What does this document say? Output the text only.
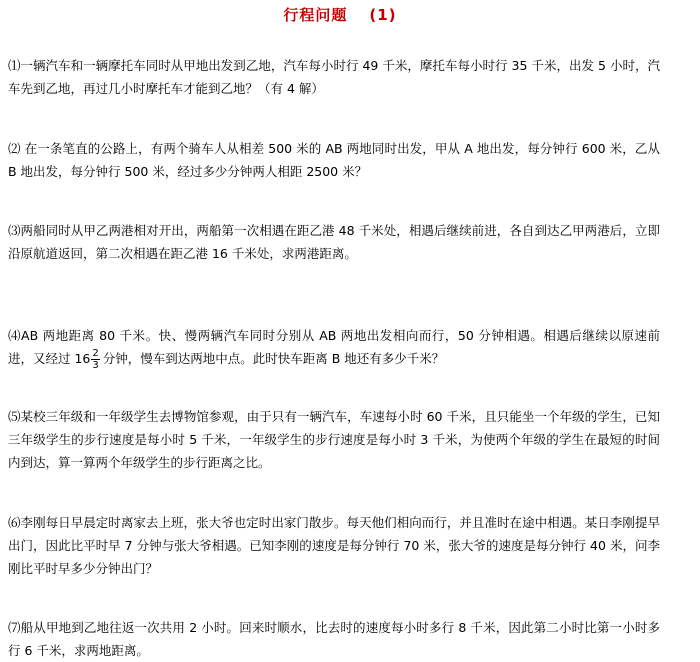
行程问题 (1)
⑴一辆汽车和一辆摩托车同时从甲地出发到乙地，汽车每小时行 49 千米，摩托车每小时行 35 千米，出发 5 小时，汽车先到乙地，再过几小时摩托车才能到乙地？（有 4 解）
⑵ 在一条笔直的公路上，有两个骑车人从相差 500 米的 AB 两地同时出发，甲从 A 地出发，每分钟行 600 米，乙从 B 地出发，每分钟行 500 米，经过多少分钟两人相距 2500 米？
⑶两船同时从甲乙两港相对开出，两船第一次相遇在距乙港 48 千米处，相遇后继续前进，各自到达乙甲两港后，立即沿原航道返回，第二次相遇在距乙港 16 千米处，求两港距离。
⑷AB 两地距离 80 千米。快、慢两辆汽车同时分别从 AB 两地出发相向而行，50 分钟相遇。相遇后继续以原速前进，又经过 $16 \frac{2}{3}$ 分钟，慢车到达两地中点。此时快车距离 B 地还有多少千米？
⑸某校三年级和一年级学生去博物馆参观，由于只有一辆汽车，车速每小时 60 千米，且只能坐一个年级的学生，已知三年级学生的步行速度是每小时 5 千米，一年级学生的步行速度是每小时 3 千米，为使两个年级的学生在最短的时间内到达，算一算两个年级学生的步行距离之比。
⑹李刚每日早晨定时离家去上班，张大爷也定时出家门散步。每天他们相向而行，并且准时在途中相遇。某日李刚提早出门，因此比平时早 7 分钟与张大爷相遇。已知李刚的速度是每分钟行 70 米，张大爷的速度是每分钟行 40 米，问李刚比平时早多少分钟出门？
⑺船从甲地到乙地往返一次共用 2 小时。回来时顺水，比去时的速度每小时多行 8 千米，因此第二小时比第一小时多行 6 千米，求两地距离。
